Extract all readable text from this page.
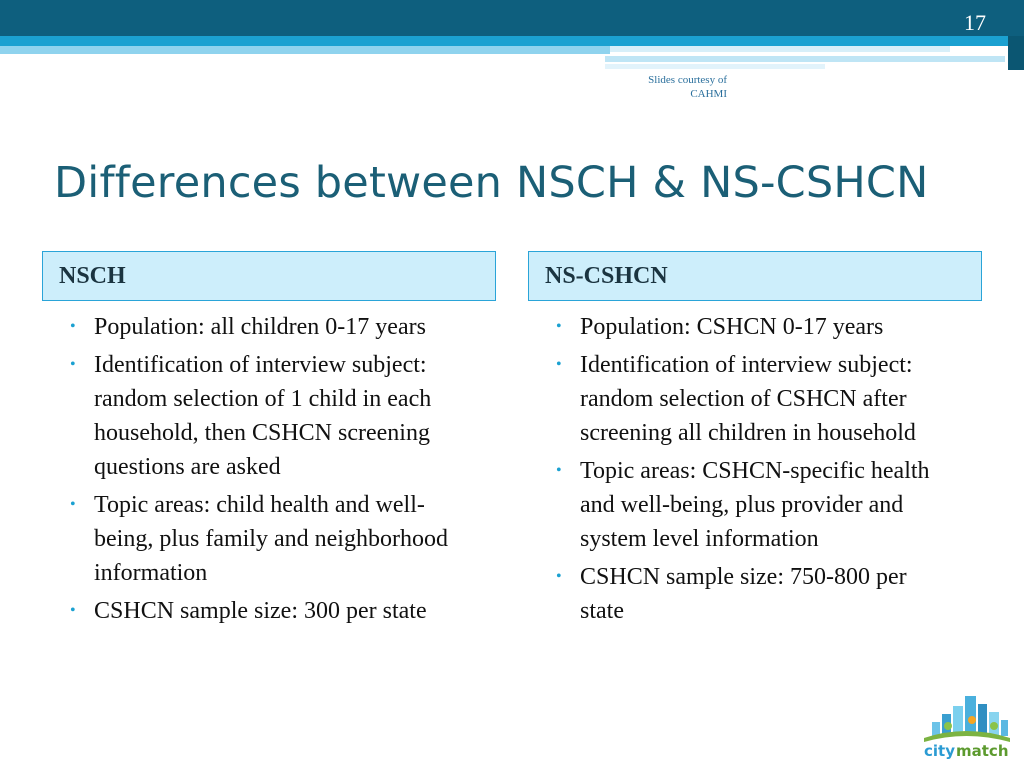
17
Slides courtesy of
CAHMI
Differences between NSCH & NS-CSHCN
NSCH	NS-CSHCN
• Population: all children 0-17 years
• Identification of interview subject: random selection of 1 child in each household, then CSHCN screening questions are asked
• Topic areas: child health and well-being, plus family and neighborhood information
• CSHCN sample size: 300 per state
• Population: CSHCN 0-17 years
• Identification of interview subject: random selection of CSHCN after screening all children in household
• Topic areas: CSHCN-specific health and well-being, plus provider and system level information
• CSHCN sample size: 750-800 per state
city match
